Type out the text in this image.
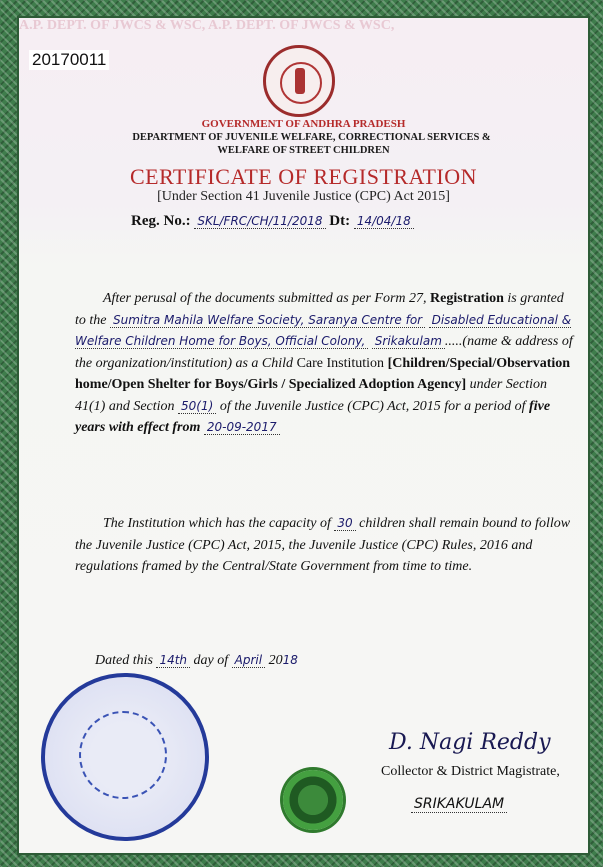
A.P. DEPT. OF JWCS & WSC, A.P. DEPT. OF JWCS & WSC,
20170011
GOVERNMENT OF ANDHRA PRADESH
DEPARTMENT OF JUVENILE WELFARE, CORRECTIONAL SERVICES &
WELFARE OF STREET CHILDREN
CERTIFICATE OF REGISTRATION
[Under Section 41 Juvenile Justice (CPC) Act 2015]
Reg. No.: SKL/FRC/CH/11/2018 Dt: 14/04/18
After perusal of the documents submitted as per Form 27, Registration is granted to the Sumitra Mahila Welfare Society, Saranya Centre for Disabled Educational & Welfare Children Home for Boys, Official Colony, Srikakulam .....(name & address of the organization/institution) as a Child Care Institution [Children/Special/Observation home/Open Shelter for Boys/Girls / Specialized Adoption Agency] under Section 41(1) and Section 50(1) of the Juvenile Justice (CPC) Act, 2015 for a period of five years with effect from 20-09-2017
The Institution which has the capacity of 30 children shall remain bound to follow the Juvenile Justice (CPC) Act, 2015, the Juvenile Justice (CPC) Rules, 2016 and regulations framed by the Central/State Government from time to time.
Dated this 14th day of April 2018
D. Nagi Reddy
Collector & District Magistrate,
SRIKAKULAM
